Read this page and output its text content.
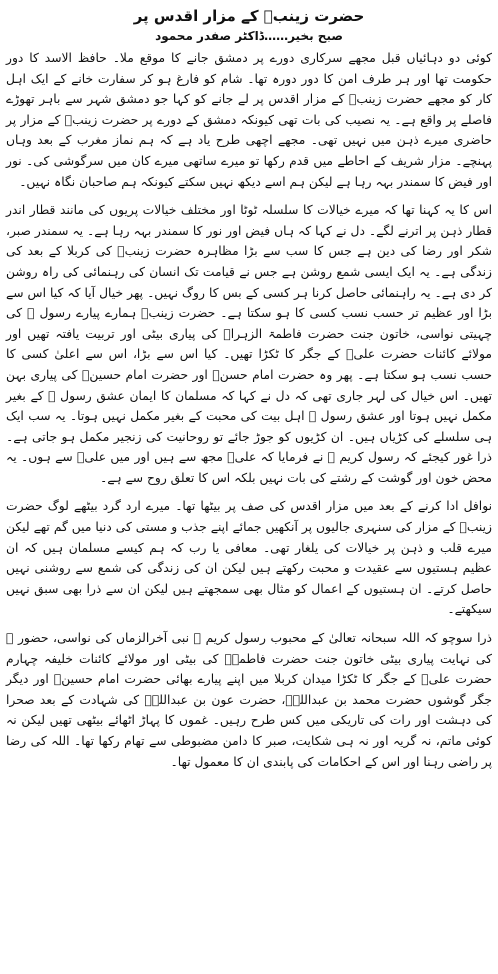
حضرت زینبؑ کے مزار اقدس پر
صبح بخیر……ڈاکٹر صفدر محمود

کوئی دو دہائیاں قبل مجھے سرکاری دورے پر دمشق جانے کا موقع ملا۔ حافظ الاسد کا دور حکومت تھا اور ہر طرف امن کا دور دورہ تھا۔ شام کو فارغ ہو کر سفارت خانے کے ایک اہل کار کو مجھے حضرت زینبؑ کے مزار اقدس پر لے جانے کو کہا جو دمشق شہر سے باہر تھوڑے فاصلے پر واقع ہے۔ یہ نصیب کی بات تھی کیونکہ دمشق کے دورے پر حضرت زینبؑ کے مزار پر حاضری میرے ذہن میں نہیں تھی۔ مجھے اچھی طرح یاد ہے کہ ہم نماز مغرب کے بعد وہاں پہنچے۔ مزار شریف کے احاطے میں قدم رکھا تو میرے ساتھی میرے کان میں سرگوشی کی۔ نور اور فیض کا سمندر بہہ رہا ہے لیکن ہم اسے دیکھ نہیں سکتے کیونکہ ہم صاحبان نگاہ نہیں۔

اس کا یہ کہنا تھا کہ میرے خیالات کا سلسلہ ٹوٹا اور مختلف خیالات پریوں کی مانند قطار اندر قطار ذہن پر اترنے لگے۔ دل نے کہا کہ ہاں فیض اور نور کا سمندر بہہ رہا ہے۔ یہ سمندر صبر، شکر اور رضا کی دین ہے جس کا سب سے بڑا مظاہرہ حضرت زینبؑ کی کربلا کے بعد کی زندگی ہے۔ یہ ایک ایسی شمع روشن ہے جس نے قیامت تک انسان کی رہنمائی کی راہ روشن کر دی ہے۔ یہ راہنمائی حاصل کرنا ہر کسی کے بس کا روگ نہیں۔ پھر خیال آیا کہ کیا اس سے بڑا اور عظیم تر حسب نسب کسی کا ہو سکتا ہے۔ حضرت زینبؑ ہمارے پیارے رسول ﷺ کی چہیتی نواسی، خاتون جنت حضرت فاطمۃ الزہراؓ کی پیاری بیٹی اور تربیت یافتہ تھیں اور مولائے کائنات حضرت علیؓ کے جگر کا ٹکڑا تھیں۔ کیا اس سے بڑا، اس سے اعلیٰ کسی کا حسب نسب ہو سکتا ہے۔ پھر وہ حضرت امام حسنؓ اور حضرت امام حسینؓ کی پیاری بہن تھیں۔ اس خیال کی لہر جاری تھی کہ دل نے کہا کہ مسلمان کا ایمان عشق رسول ﷺ کے بغیر مکمل نہیں ہوتا اور عشق رسول ﷺ اہل بیت کی محبت کے بغیر مکمل نہیں ہوتا۔ یہ سب ایک ہی سلسلے کی کڑیاں ہیں۔ ان کڑیوں کو جوڑ جائے تو روحانیت کی زنجیر مکمل ہو جاتی ہے۔ ذرا غور کیجئے کہ رسول کریم ﷺ نے فرمایا کہ علیؓ مجھ سے ہیں اور میں علیؓ سے ہوں۔ یہ محض خون اور گوشت کے رشتے کی بات نہیں بلکہ اس کا تعلق روح سے ہے۔

نوافل ادا کرنے کے بعد میں مزار اقدس کی صف پر بیٹھا تھا۔ میرے ارد گرد بیٹھے لوگ حضرت زینبؑ کے مزار کی سنہری جالیوں پر آنکھیں جمائے اپنے جذب و مستی کی دنیا میں گم تھے لیکن میرے قلب و ذہن پر خیالات کی یلغار تھی۔ معافی یا رب کہ ہم کیسے مسلمان ہیں کہ ان عظیم ہستیوں سے عقیدت و محبت رکھتے ہیں لیکن ان کی زندگی کی شمع سے روشنی نہیں حاصل کرتے۔ ان ہستیوں کے اعمال کو مثال بھی سمجھتے ہیں لیکن ان سے ذرا بھی سبق نہیں سیکھتے۔

ذرا سوچو کہ اللہ سبحانہ تعالیٰ کے محبوب رسول کریم ﷺ نبی آخرالزماں کی نواسی، حضور ﷺ کی نہایت پیاری بیٹی خاتون جنت حضرت فاطمہؓ کی بیٹی اور مولائے کائنات خلیفہ چہارم حضرت علیؓ کے جگر کا ٹکڑا میدان کربلا میں اپنے پیارے بھائی حضرت امام حسینؓ اور دیگر جگر گوشوں حضرت محمد بن عبداللہؓ، حضرت عون بن عبداللہؓ کی شہادت کے بعد صحرا کی دہشت اور رات کی تاریکی میں کس طرح رہیں۔ غموں کا پہاڑ اٹھائے بیٹھی تھیں لیکن نہ کوئی ماتم، نہ گریہ اور نہ ہی شکایت، صبر کا دامن مضبوطی سے تھام رکھا تھا۔ اللہ کی رضا پر راضی رہنا اور اس کے احکامات کی پابندی ان کا معمول تھا۔
